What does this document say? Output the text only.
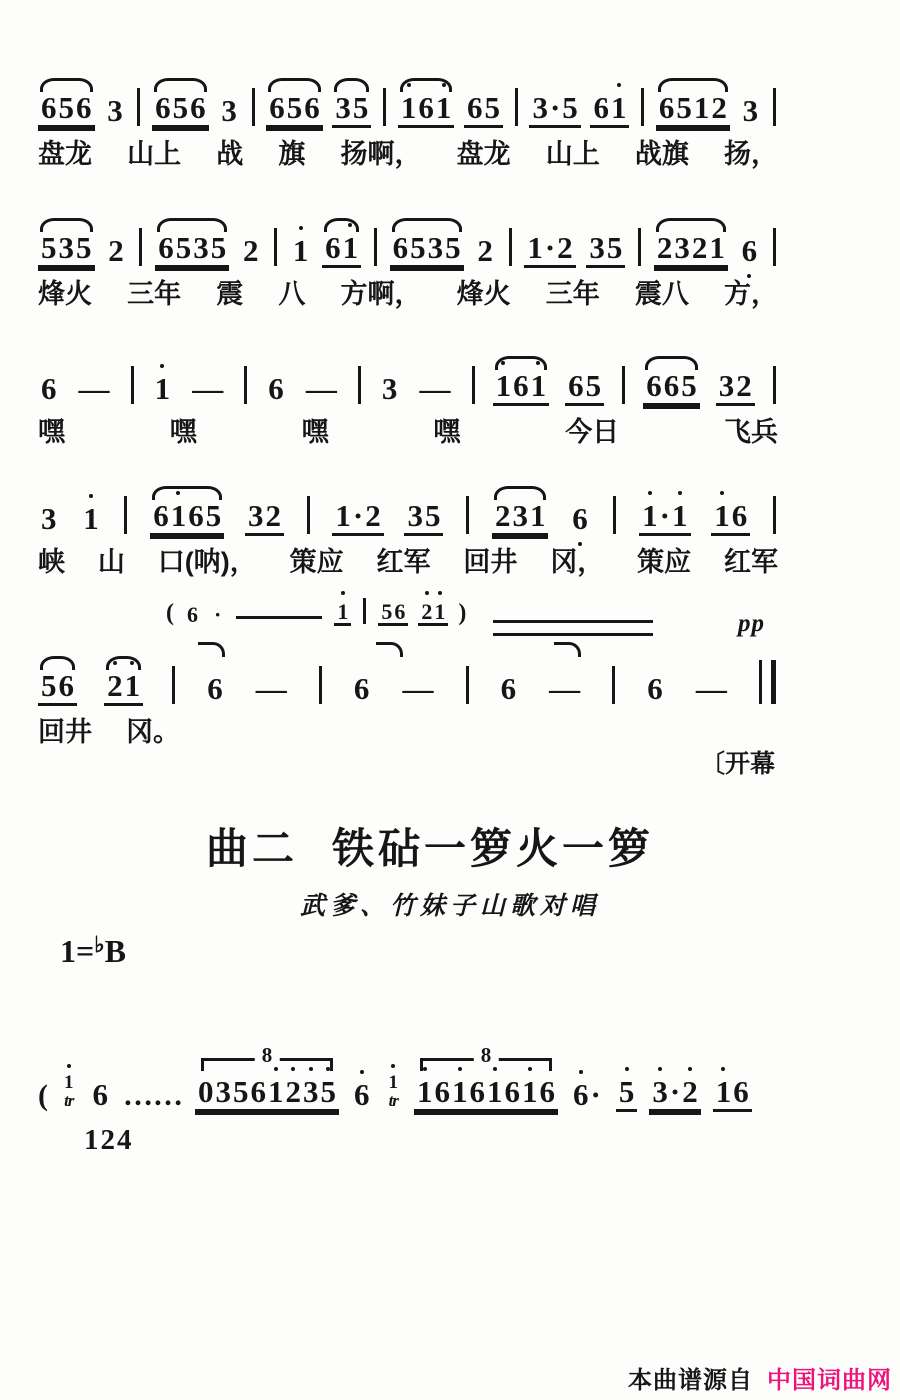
6 5 6 3 6 5 6 3 6 5 6 3 5 1 6 1 6 5 3 · 5 6 1 6 5 1 2 3
盘龙 山上 战 旗 扬啊， 盘龙 山上 战旗 扬，
5 3 5 2 6 5 3 5 2 1 6 1 6 5 3 5 2 1 · 2 3 5 2 3 2 1 6
烽火 三年 震 八 方啊， 烽火 三年 震八 方，
6 — 1 — 6 — 3 — 1 6 1 6 5 6 6 5 3 2
嘿	嘿	嘿	嘿	今日	飞兵
3 1 6 1 6 5 3 2 1 · 2 3 5 2 3 1 6 1 · 1 1 6
峡 山 口(呐)， 策应 红军 回井 冈， 策应 红军
( 6 ·	1 5 6 2 1 )	pp
5 6 2 1 6 — 6 — 6 — 6 —
回井 冈。
〔开幕
曲二 铁砧一箩火一箩
武爹、竹妹子山歌对唱
1=♭B
( 1
tr 6 ……
8
0 3 5 6 1 2 3 5 6 1
tr
8
1 6 1 6 1 6 1 6 6 · 5 3 · 2 1 6
124
本曲谱源自 中国词曲网
